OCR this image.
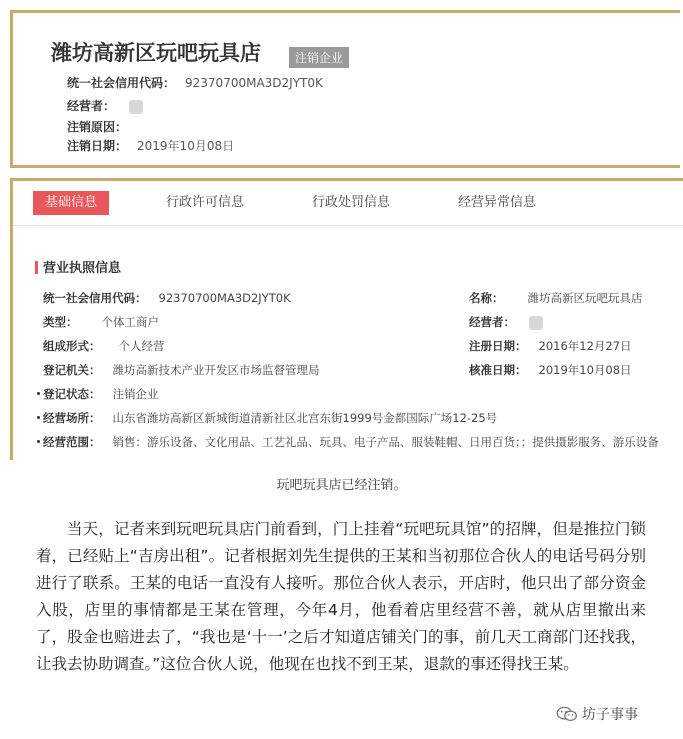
潍坊高新区玩吧玩具店	注销企业
统一社会信用代码： 92370700MA3D2JYT0K
经营者：
注销原因：
注销日期： 2019年10月08日
基础信息	行政许可信息	行政处罚信息	经营异常信息
营业执照信息
统一社会信用代码： 92370700MA3D2JYT0K
类型： 个体工商户
组成形式： 个人经营
登记机关： 潍坊高新技术产业开发区市场监督管理局
登记状态： 注销企业
经营场所： 山东省潍坊高新区新城街道清新社区北宫东街1999号金都国际广场12-25号
经营范围： 销售：游乐设备、文化用品、工艺礼品、玩具、电子产品、服装鞋帽、日用百货；；提供摄影服务、游乐设备
名称： 潍坊高新区玩吧玩具店
经营者：
注册日期： 2016年12月27日
核准日期： 2019年10月08日
玩吧玩具店已经注销。
当天，记者来到玩吧玩具店门前看到，门上挂着“玩吧玩具馆”的招牌，但是推拉门锁着，已经贴上“吉房出租”。记者根据刘先生提供的王某和当初那位合伙人的电话号码分别进行了联系。王某的电话一直没有人接听。那位合伙人表示，开店时，他只出了部分资金入股，店里的事情都是王某在管理，今年4月，他看着店里经营不善，就从店里撤出来了，股金也赔进去了，“我也是‘十一’之后才知道店铺关门的事，前几天工商部门还找我，让我去协助调查。”这位合伙人说，他现在也找不到王某，退款的事还得找王某。
坊子事事
